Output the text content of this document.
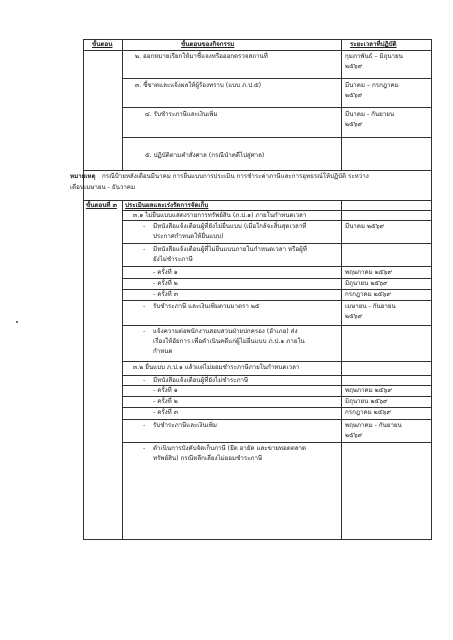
ขั้นตอน	ขั้นตอนของกิจกรรม	ระยะเวลาที่ปฏิบัติ
๒. ออกหมายเรียกให้มาชี้แจงหรือออกตรวจสถานที่	กุมภาพันธ์ – มิถุนายน
๒๕๖๙
๓. ชี้ขาดและแจ้งผลให้ผู้ร้องทราบ (แบบ ภ.ป.๕)	มีนาคม – กรกฎาคม
๒๕๖๙
๔. รับชำระภาษีและเงินเพิ่ม	มีนาคม - กันยายน
๒๕๖๙
๕. ปฏิบัติตามคำสั่งศาล (กรณีนำคดีไปสู่ศาล)
หมายเหตุ กรณีป้ายหลังเดือนมีนาคม การยื่นแบบการประเมิน การชำระค่าภาษีและการอุทธรณ์ให้ปฏิบัติ ระหว่าง
เดือนเมษายน - ธันวาคม
ขั้นตอนที่ ๓ ประเมินผลและเร่งรัดการจัดเก็บ
๓.๑ ไม่ยื่นแบบแสดงรายการทรัพย์สิน (ภ.ป.๑) ภายในกำหนดเวลา
- มีหนังสือแจ้งเตือนผู้ที่ยังไม่ยื่นแบบ (เมื่อใกล้จะสิ้นสุดเวลาที่
ประกาศกำหนดให้ยื่นแบบ)
มีนาคม ๒๕๖๙
- มีหนังสือแจ้งเตือนผู้ที่ไม่ยื่นแบบภายในกำหนดเวลา หรือผู้ที่
ยังไม่ชำระภาษี
- ครั้งที่ ๑	พฤษภาคม ๒๕๖๙
- ครั้งที่ ๒	มิถุนายน ๒๕๖๙
- ครั้งที่ ๓	กรกฎาคม ๒๕๖๙
- รับชำระภาษี และเงินเพิ่มตามมาตรา ๒๕	เมษายน - กันยายน
๒๕๖๙
- แจ้งความต่อพนักงานสอบสวนฝ่ายปกครอง (อำเภอ) ส่ง
เรื่องให้อัยการ เพื่อดำเนินคดีแก่ผู้ไม่ยื่นแบบ ภ.ป.๑ ภายใน
กำหนด
๓.๒ ยื่นแบบ ภ.ป.๑ แล้วแต่ไม่ยอมชำระภาษีภายในกำหนดเวลา
- มีหนังสือแจ้งเตือนผู้ที่ยังไม่ชำระภาษี
- ครั้งที่ ๑	พฤษภาคม ๒๕๖๙
- ครั้งที่ ๒	มิถุนายน ๒๕๖๙
- ครั้งที่ ๓	กรกฎาคม ๒๕๖๙
- รับชำระภาษีและเงินเพิ่ม	พฤษภาคม - กันยายน
๒๕๖๙
- ดำเนินการบังคับจัดเก็บภาษี (ยึด อายัด และขายทอดตลาด
ทรัพย์สิน) กรณีหลีกเลี่ยงไม่ยอมชำระภาษี
